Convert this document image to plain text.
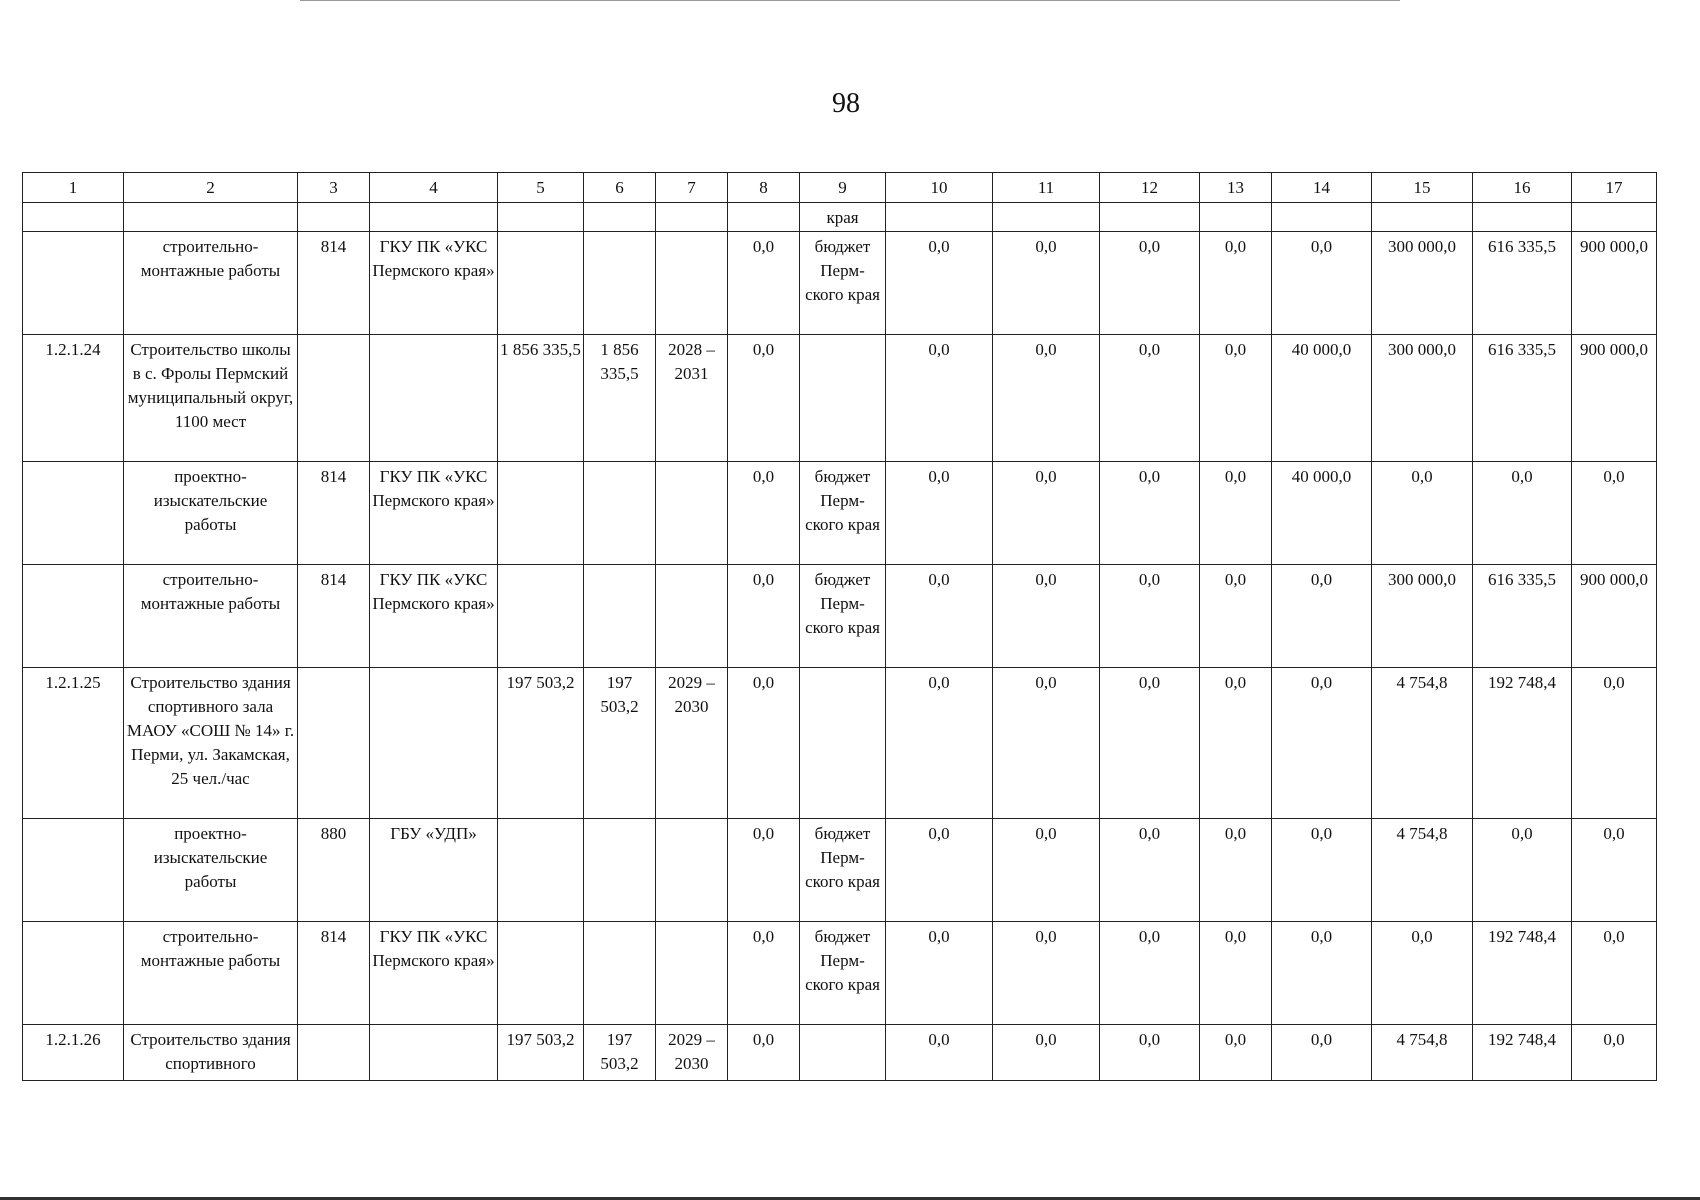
98
1	2	3	4	5	6	7	8	9	10	11	12	13	14	15	16	17
								края								
	строительно-монтажные работы	814	ГКУ ПК «УКС Пермского края»				0,0	бюджет Перм-ского края	0,0	0,0	0,0	0,0	0,0	300 000,0	616 335,5	900 000,0
1.2.1.24	Строительство школы в с. Фролы Пермский муниципальный округ, 1100 мест			1 856 335,5	1 856 335,5	2028 – 2031	0,0		0,0	0,0	0,0	0,0	40 000,0	300 000,0	616 335,5	900 000,0
	проектно-изыскательские работы	814	ГКУ ПК «УКС Пермского края»				0,0	бюджет Перм-ского края	0,0	0,0	0,0	0,0	40 000,0	0,0	0,0	0,0
	строительно-монтажные работы	814	ГКУ ПК «УКС Пермского края»				0,0	бюджет Перм-ского края	0,0	0,0	0,0	0,0	0,0	300 000,0	616 335,5	900 000,0
1.2.1.25	Строительство здания спортивного зала МАОУ «СОШ № 14» г. Перми, ул. Закамская, 25 чел./час			197 503,2	197 503,2	2029 – 2030	0,0		0,0	0,0	0,0	0,0	0,0	4 754,8	192 748,4	0,0
	проектно-изыскательские работы	880	ГБУ «УДП»				0,0	бюджет Перм-ского края	0,0	0,0	0,0	0,0	0,0	4 754,8	0,0	0,0
	строительно-монтажные работы	814	ГКУ ПК «УКС Пермского края»				0,0	бюджет Перм-ского края	0,0	0,0	0,0	0,0	0,0	0,0	192 748,4	0,0
1.2.1.26	Строительство здания спортивного			197 503,2	197 503,2	2029 – 2030	0,0		0,0	0,0	0,0	0,0	0,0	4 754,8	192 748,4	0,0
